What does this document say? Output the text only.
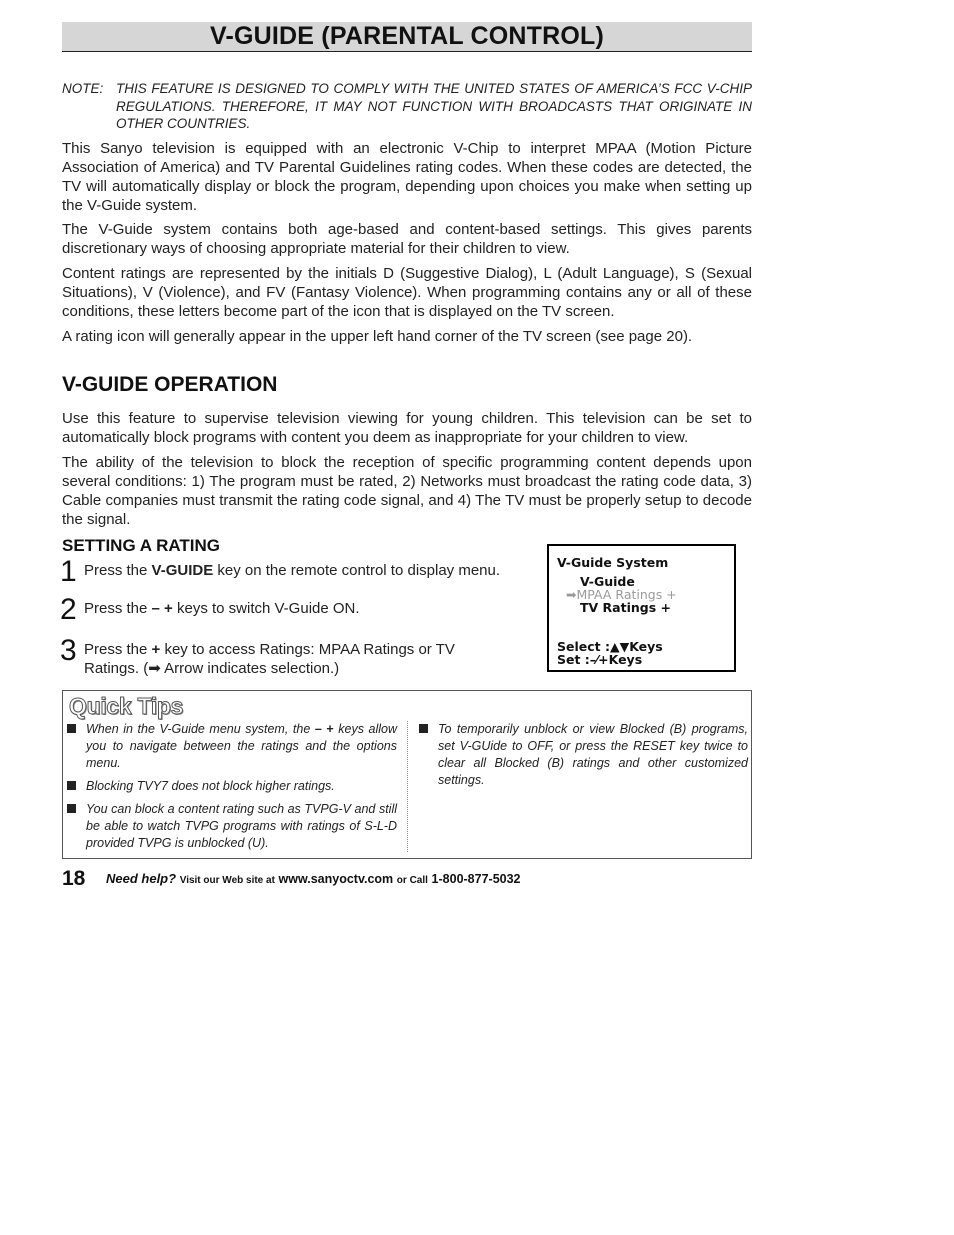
V-GUIDE (PARENTAL CONTROL)
NOTE: THIS FEATURE IS DESIGNED TO COMPLY WITH THE UNITED STATES OF AMERICA’S FCC V-CHIP REGULATIONS. THEREFORE, IT MAY NOT FUNCTION WITH BROADCASTS THAT ORIGINATE IN OTHER COUNTRIES.

This Sanyo television is equipped with an electronic V-Chip to interpret MPAA (Motion Picture Association of America) and TV Parental Guidelines rating codes. When these codes are detected, the TV will automatically display or block the program, depending upon choices you make when setting up the V-Guide system.

The V-Guide system contains both age-based and content-based settings. This gives parents discretionary ways of choosing appropriate material for their children to view.

Content ratings are represented by the initials D (Suggestive Dialog), L (Adult Language), S (Sexual Situations), V (Violence), and FV (Fantasy Violence). When programming contains any or all of these conditions, these letters become part of the icon that is displayed on the TV screen.

A rating icon will generally appear in the upper left hand corner of the TV screen (see page 20).

V-GUIDE OPERATION

Use this feature to supervise television viewing for young children. This television can be set to automatically block programs with content you deem as inappropriate for your children to view.

The ability of the television to block the reception of specific programming content depends upon several conditions: 1) The program must be rated, 2) Networks must broadcast the rating code data, 3) Cable companies must transmit the rating code signal, and 4) The TV must be properly setup to decode the signal.

SETTING A RATING
1 Press the V-GUIDE key on the remote control to display menu.
2 Press the – + keys to switch V-Guide ON.
3 Press the + key to access Ratings: MPAA Ratings or TV Ratings. (➡ Arrow indicates selection.)
V-Guide System
V-Guide
➡MPAA Ratings +
TV Ratings +
Select :▲▼Keys
Set :–⁄+Keys
Quick Tips
When in the V-Guide menu system, the – + keys allow you to navigate between the ratings and the options menu.
Blocking TVY7 does not block higher ratings.
You can block a content rating such as TVPG-V and still be able to watch TVPG programs with ratings of S-L-D provided TVPG is unblocked (U).
To temporarily unblock or view Blocked (B) programs, set V-GUide to OFF, or press the RESET key twice to clear all Blocked (B) ratings and other customized settings.
18 Need help? Visit our Web site at www.sanyoctv.com or Call 1-800-877-5032
